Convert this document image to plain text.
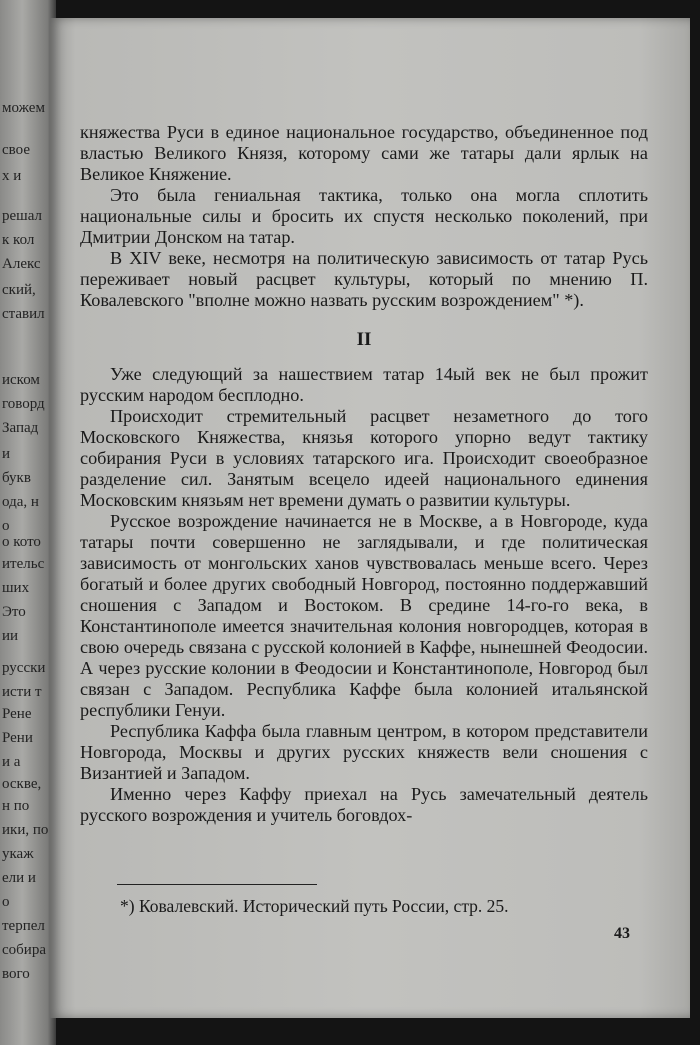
можем
свое
х и
решал
к кол
Алекс
ский,
ставил
иском
говорд
Запад
и
букв
ода, н
о
о кото
ительс
ших
Это
ии
русски
исти т
Рене
Рени
и а
оскве,
н по
ики, по
укаж
ели и
о
терпел
собира
вого

княжества Руси в единое национальное государство, объединенное под властью Великого Князя, которому сами же татары дали ярлык на Великое Княжение.

Это была гениальная тактика, только она могла сплотить национальные силы и бросить их спустя несколько поколений, при Дмитрии Донском на татар.

В XIV веке, несмотря на политическую зависимость от татар Русь переживает новый расцвет культуры, который по мнению П. Ковалевского "вполне можно назвать русским возрождением" *).

II

Уже следующий за нашествием татар 14ый век не был прожит русским народом бесплодно.

Происходит стремительный расцвет незаметного до того Московского Княжества, князья которого упорно ведут тактику собирания Руси в условиях татарского ига. Происходит своеобразное разделение сил. Занятым всецело идеей национального единения Московским князьям нет времени думать о развитии культуры.

Русское возрождение начинается не в Москве, а в Новгороде, куда татары почти совершенно не заглядывали, и где политическая зависимость от монгольских ханов чувствовалась меньше всего. Через богатый и более других свободный Новгород, постоянно поддержавший сношения с Западом и Востоком. В средине 14-го-го века, в Константинополе имеется значительная колония новгородцев, которая в свою очередь связана с русской колонией в Каффе, нынешней Феодосии. А через русские колонии в Феодосии и Константинополе, Новгород был связан с Западом. Республика Каффе была колонией итальянской республики Генуи.

Республика Каффа была главным центром, в котором представители Новгорода, Москвы и других русских княжеств вели сношения с Византией и Западом.

Именно через Каффу приехал на Русь замечательный деятель русского возрождения и учитель боговдох-

*) Ковалевский. Исторический путь России, стр. 25.
43
